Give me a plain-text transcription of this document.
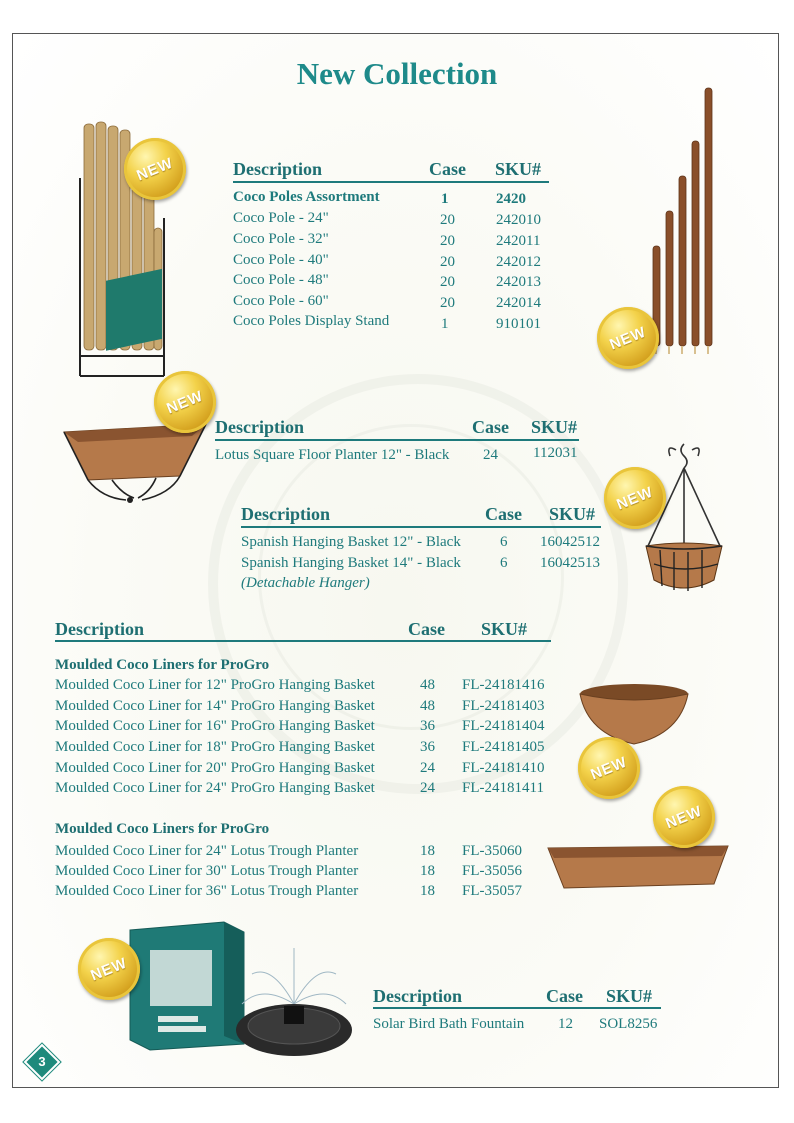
New Collection
NEW
NEW
Description	Case SKU#
Coco Poles Assortment	1	2420
Coco Pole - 24"	20	242010
Coco Pole - 32"	20	242011
Coco Pole - 40"	20	242012
Coco Pole - 48"	20	242013
Coco Pole - 60"	20	242014
Coco Poles Display Stand	1	910101
NEW
Description	Case SKU#
Lotus Square Floor Planter 12" - Black 24 112031
NEW
Description	Case SKU#
Spanish Hanging Basket 12" - Black	6 16042512
Spanish Hanging Basket 14" - Black	6 16042513
(Detachable Hanger)
Description	Case SKU#
Moulded Coco Liners for ProGro
Moulded Coco Liner for 12" ProGro Hanging Basket	48 FL-24181416
Moulded Coco Liner for 14" ProGro Hanging Basket	48 FL-24181403
Moulded Coco Liner for 16" ProGro Hanging Basket	36 FL-24181404
Moulded Coco Liner for 18" ProGro Hanging Basket	36 FL-24181405
Moulded Coco Liner for 20" ProGro Hanging Basket	24 FL-24181410
Moulded Coco Liner for 24" ProGro Hanging Basket	24 FL-24181411
Moulded Coco Liners for ProGro
Moulded Coco Liner for 24" Lotus Trough Planter	18 FL-35060
Moulded Coco Liner for 30" Lotus Trough Planter	18 FL-35056
Moulded Coco Liner for 36" Lotus Trough Planter	18 FL-35057
NEW
NEW
NEW
Description	Case SKU#
Solar Bird Bath Fountain 12 SOL8256
3
